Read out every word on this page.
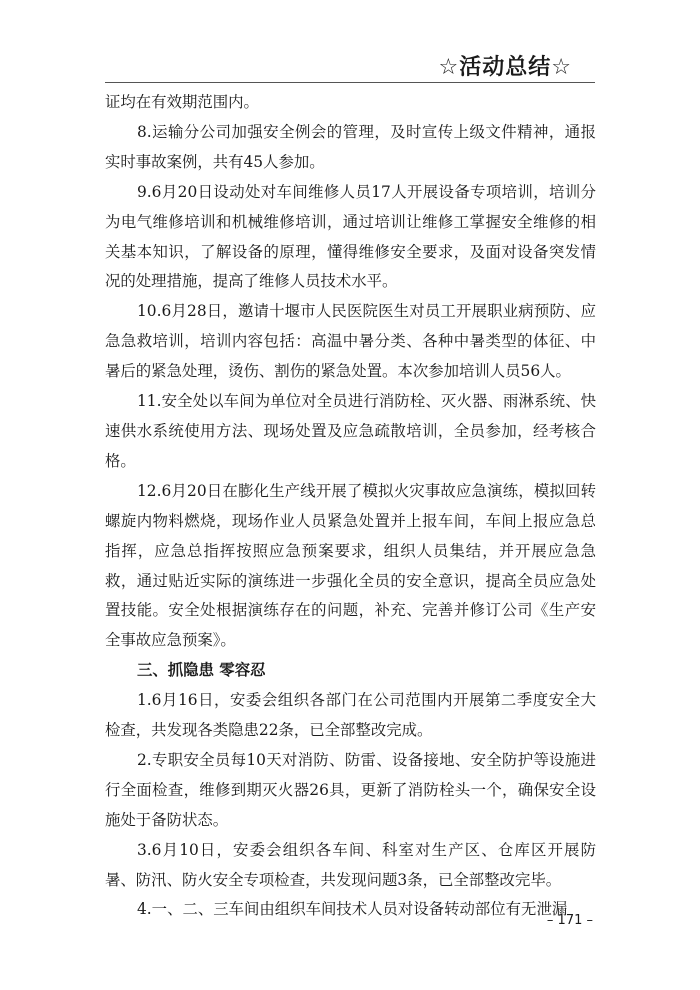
☆活动总结☆

证均在有效期范围内。

8.运输分公司加强安全例会的管理，及时宣传上级文件精神，通报实时事故案例，共有45人参加。

9.6月20日设动处对车间维修人员17人开展设备专项培训，培训分为电气维修培训和机械维修培训，通过培训让维修工掌握安全维修的相关基本知识，了解设备的原理，懂得维修安全要求，及面对设备突发情况的处理措施，提高了维修人员技术水平。

10.6月28日，邀请十堰市人民医院医生对员工开展职业病预防、应急急救培训，培训内容包括：高温中暑分类、各种中暑类型的体征、中暑后的紧急处理，烫伤、割伤的紧急处置。本次参加培训人员56人。

11.安全处以车间为单位对全员进行消防栓、灭火器、雨淋系统、快速供水系统使用方法、现场处置及应急疏散培训，全员参加，经考核合格。

12.6月20日在膨化生产线开展了模拟火灾事故应急演练，模拟回转螺旋内物料燃烧，现场作业人员紧急处置并上报车间，车间上报应急总指挥，应急总指挥按照应急预案要求，组织人员集结，并开展应急急救，通过贴近实际的演练进一步强化全员的安全意识，提高全员应急处置技能。安全处根据演练存在的问题，补充、完善并修订公司《生产安全事故应急预案》。

三、抓隐患 零容忍

1.6月16日，安委会组织各部门在公司范围内开展第二季度安全大检查，共发现各类隐患22条，已全部整改完成。

2.专职安全员每10天对消防、防雷、设备接地、安全防护等设施进行全面检查，维修到期灭火器26具，更新了消防栓头一个，确保安全设施处于备防状态。

3.6月10日，安委会组织各车间、科室对生产区、仓库区开展防暑、防汛、防火安全专项检查，共发现问题3条，已全部整改完毕。

4.一、二、三车间由组织车间技术人员对设备转动部位有无泄漏

– 171 –
